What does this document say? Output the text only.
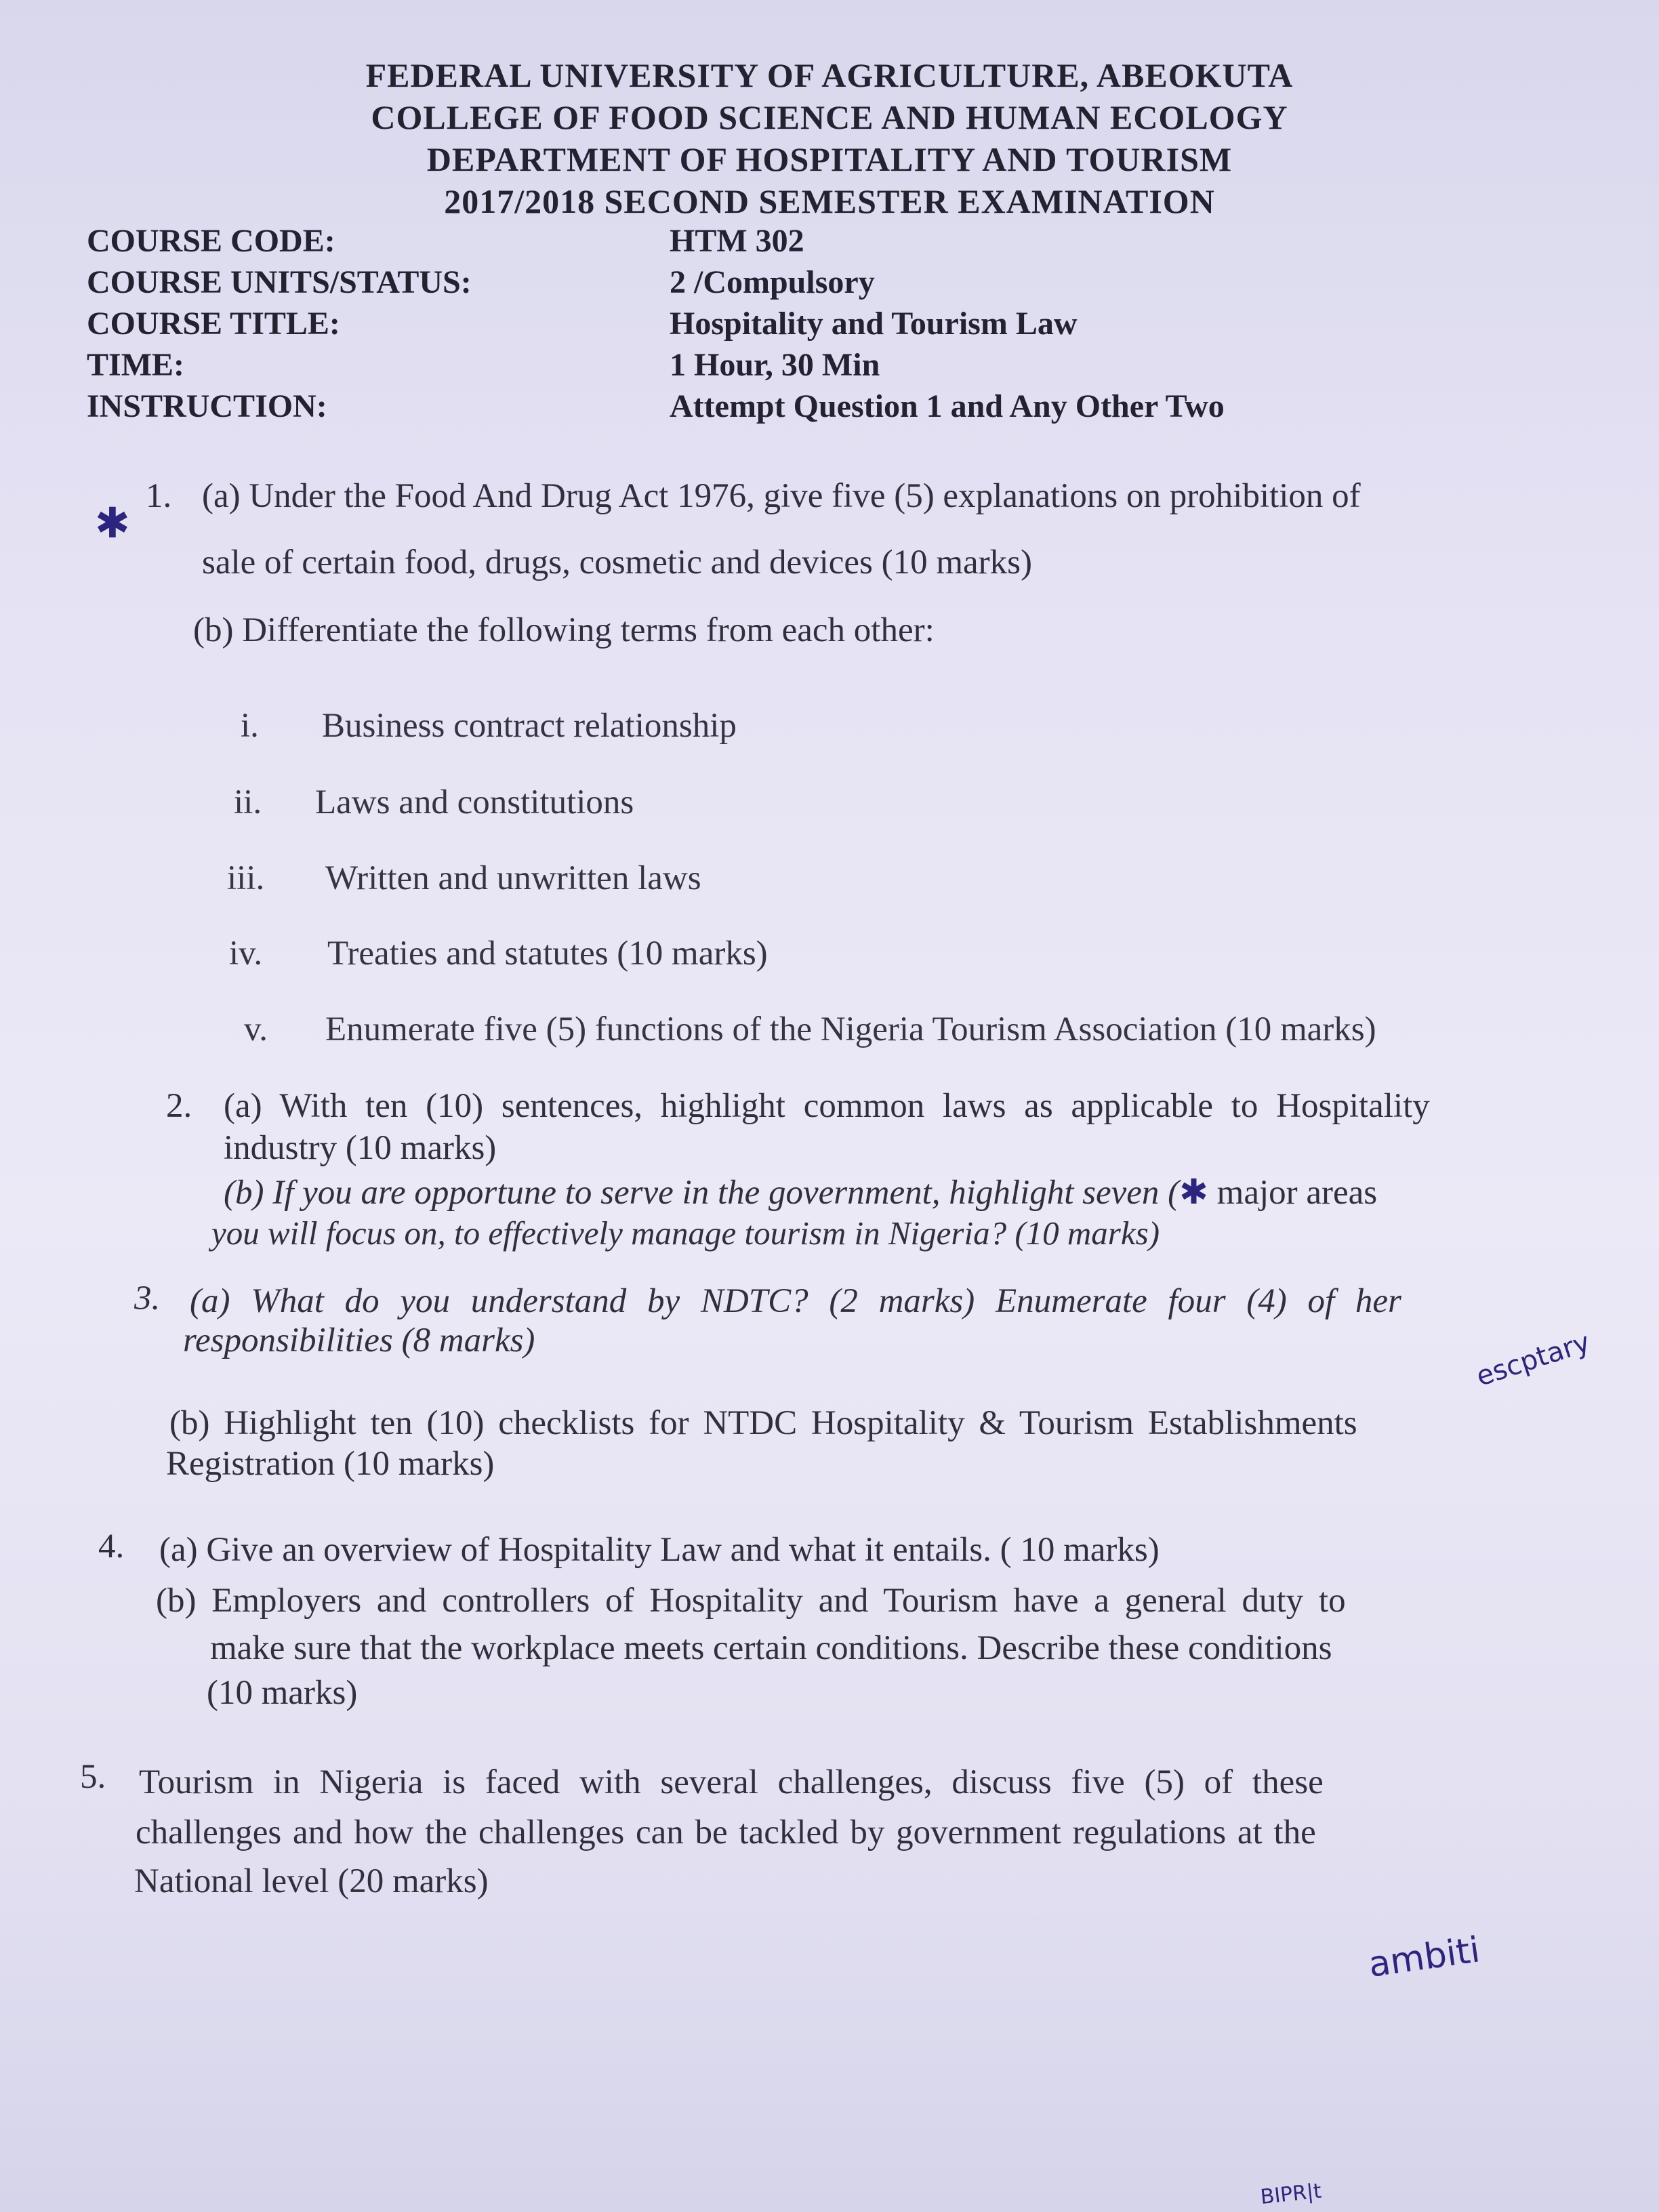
FEDERAL UNIVERSITY OF AGRICULTURE, ABEOKUTA
COLLEGE OF FOOD SCIENCE AND HUMAN ECOLOGY
DEPARTMENT OF HOSPITALITY AND TOURISM
2017/2018 SECOND SEMESTER EXAMINATION
COURSE CODE:	HTM 302
COURSE UNITS/STATUS:	2 /Compulsory
COURSE TITLE:	Hospitality and Tourism Law
TIME:	1 Hour, 30 Min
INSTRUCTION:	Attempt Question 1 and Any Other Two
1. (a) Under the Food And Drug Act 1976, give five (5) explanations on prohibition of
sale of certain food, drugs, cosmetic and devices (10 marks)
(b) Differentiate the following terms from each other:
i. Business contract relationship
ii. Laws and constitutions
iii. Written and unwritten laws
iv. Treaties and statutes (10 marks)
v. Enumerate five (5) functions of the Nigeria Tourism Association (10 marks)
2. (a) With ten (10) sentences, highlight common laws as applicable to Hospitality
industry (10 marks)
(b) If you are opportune to serve in the government, highlight seven (✱ major areas
you will focus on, to effectively manage tourism in Nigeria? (10 marks)
3. (a) What do you understand by NDTC? (2 marks) Enumerate four (4) of her
responsibilities (8 marks)
(b) Highlight ten (10) checklists for NTDC Hospitality & Tourism Establishments
Registration (10 marks)
4. (a) Give an overview of Hospitality Law and what it entails. ( 10 marks)
(b) Employers and controllers of Hospitality and Tourism have a general duty to
make sure that the workplace meets certain conditions. Describe these conditions
(10 marks)
5. Tourism in Nigeria is faced with several challenges, discuss five (5) of these
challenges and how the challenges can be tackled by government regulations at the
National level (20 marks)
✱
escptary
ambiti
BIPR|t
